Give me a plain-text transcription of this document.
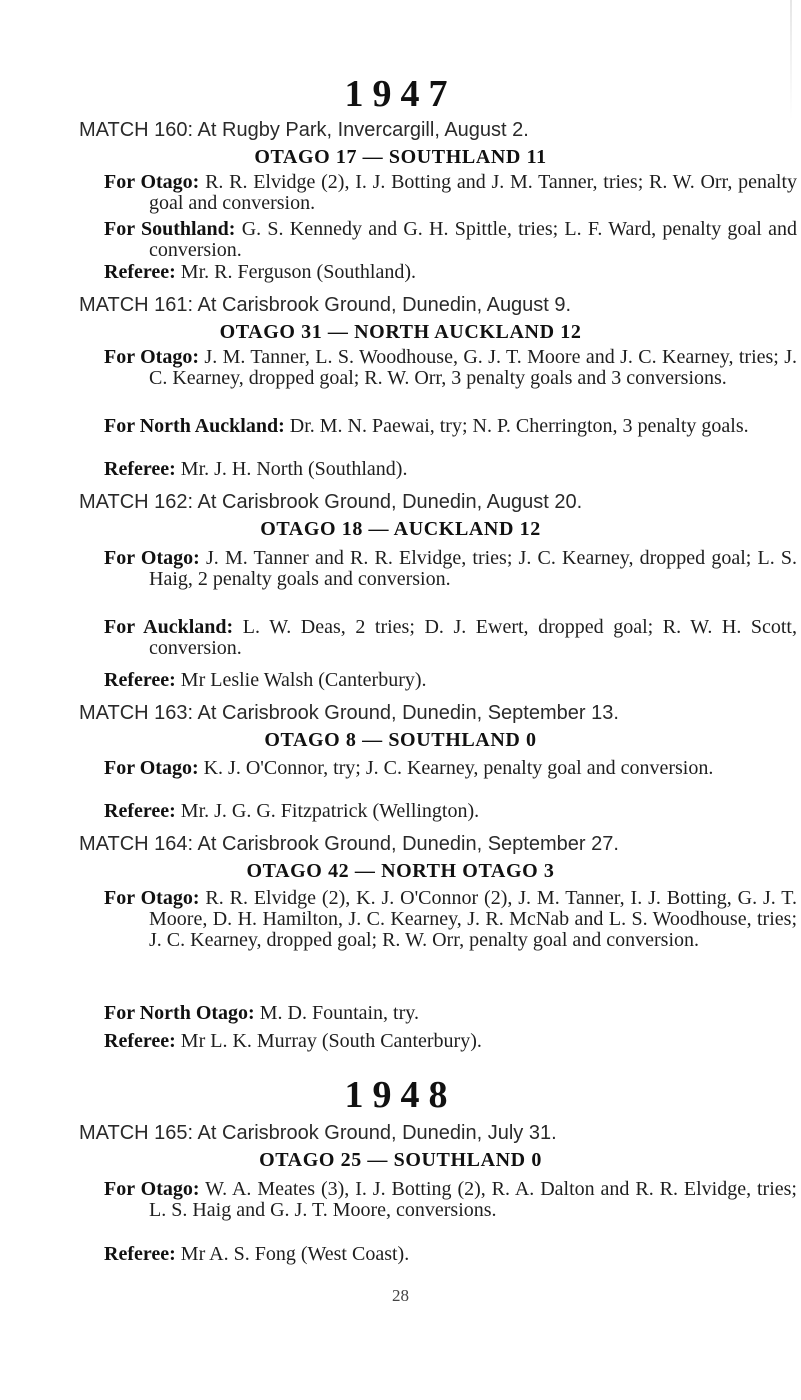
1947
MATCH 160: At Rugby Park, Invercargill, August 2.
OTAGO 17 — SOUTHLAND 11
For Otago: R. R. Elvidge (2), I. J. Botting and J. M. Tanner, tries; R. W. Orr, penalty goal and conversion.
For Southland: G. S. Kennedy and G. H. Spittle, tries; L. F. Ward, penalty goal and conversion.
Referee: Mr. R. Ferguson (Southland).
MATCH 161: At Carisbrook Ground, Dunedin, August 9.
OTAGO 31 — NORTH AUCKLAND 12
For Otago: J. M. Tanner, L. S. Woodhouse, G. J. T. Moore and J. C. Kearney, tries; J. C. Kearney, dropped goal; R. W. Orr, 3 penalty goals and 3 conversions.
For North Auckland: Dr. M. N. Paewai, try; N. P. Cherrington, 3 penalty goals.
Referee: Mr. J. H. North (Southland).
MATCH 162: At Carisbrook Ground, Dunedin, August 20.
OTAGO 18 — AUCKLAND 12
For Otago: J. M. Tanner and R. R. Elvidge, tries; J. C. Kearney, dropped goal; L. S. Haig, 2 penalty goals and conversion.
For Auckland: L. W. Deas, 2 tries; D. J. Ewert, dropped goal; R. W. H. Scott, conversion.
Referee: Mr Leslie Walsh (Canterbury).
MATCH 163: At Carisbrook Ground, Dunedin, September 13.
OTAGO 8 — SOUTHLAND 0
For Otago: K. J. O'Connor, try; J. C. Kearney, penalty goal and conversion.
Referee: Mr. J. G. G. Fitzpatrick (Wellington).
MATCH 164: At Carisbrook Ground, Dunedin, September 27.
OTAGO 42 — NORTH OTAGO 3
For Otago: R. R. Elvidge (2), K. J. O'Connor (2), J. M. Tanner, I. J. Botting, G. J. T. Moore, D. H. Hamilton, J. C. Kearney, J. R. McNab and L. S. Woodhouse, tries; J. C. Kearney, dropped goal; R. W. Orr, penalty goal and conversion.
For North Otago: M. D. Fountain, try.
Referee: Mr L. K. Murray (South Canterbury).
1948
MATCH 165: At Carisbrook Ground, Dunedin, July 31.
OTAGO 25 — SOUTHLAND 0
For Otago: W. A. Meates (3), I. J. Botting (2), R. A. Dalton and R. R. Elvidge, tries; L. S. Haig and G. J. T. Moore, conversions.
Referee: Mr A. S. Fong (West Coast).
28
